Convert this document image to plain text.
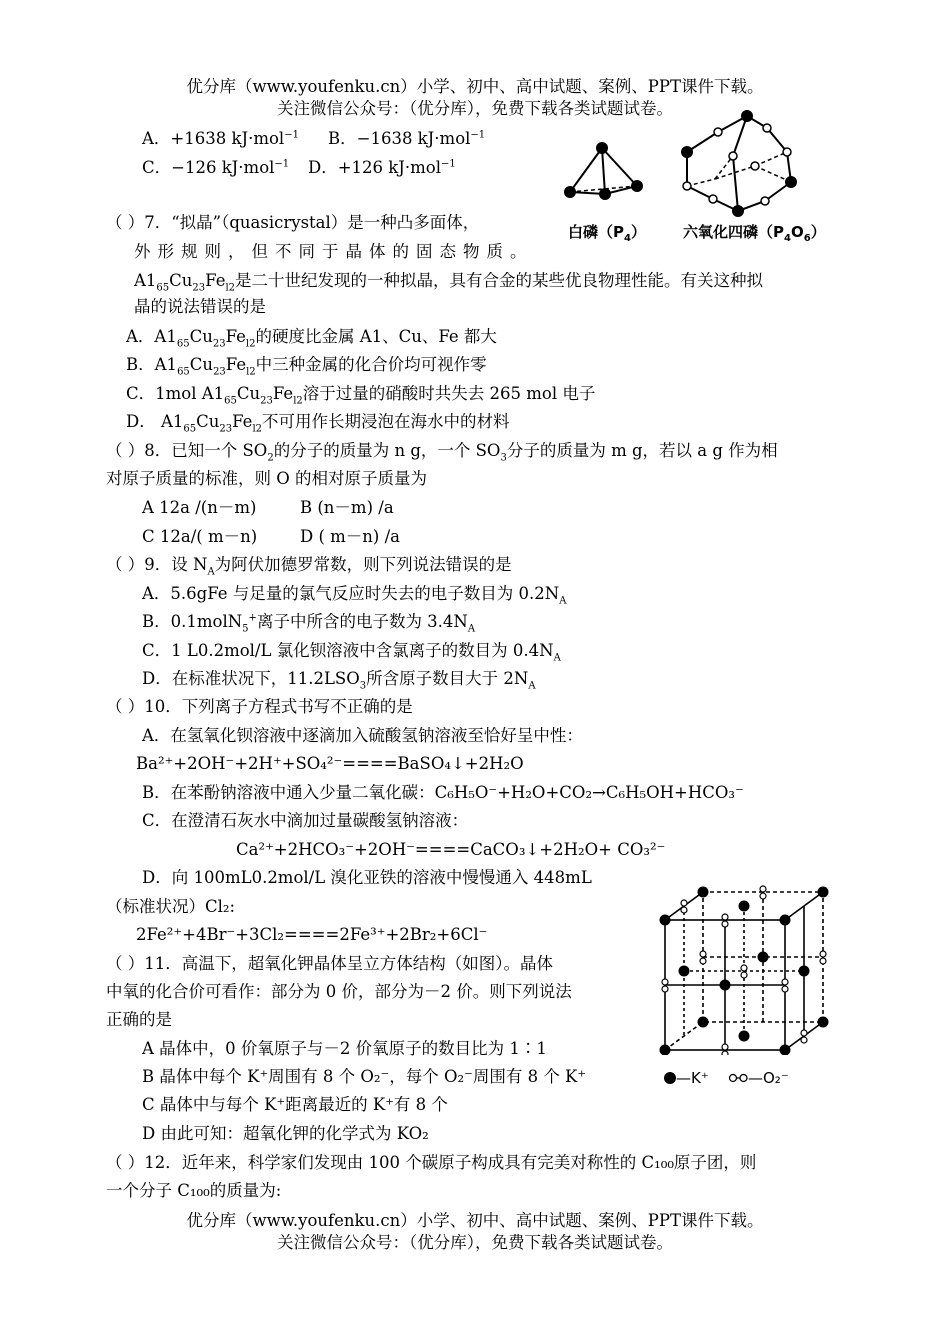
优分库（www.youfenku.cn）小学、初中、高中试题、案例、PPT课件下载。
关注微信公众号：（优分库），免费下载各类试题试卷。
A．+1638 kJ·mol$^{-1}$ B．−1638 kJ·mol$^{-1}$
C．−126 kJ·mol$^{-1}$ D．+126 kJ·mol$^{-1}$
白磷$(P_4)$ 六氧化四磷$(P_4O_6)$
（ ）7．“拟晶”（quasicrystal）是一种凸多面体，
外形规则，但不同于晶体的固态物质。
$A1_{65}Cu_{23}Fe_{l2}$是二十世纪发现的一种拟晶，具有合金的某些优良物理性能。有关这种拟
晶的说法错误的是
A．$A1_{65}Cu_{23}Fe_{l2}$的硬度比金属 A1、Cu、Fe 都大
B．$A1_{65}Cu_{23}Fe_{l2}$中三种金属的化合价均可视作零
C．1mol $A1_{65}Cu_{23}Fe_{l2}$溶于过量的硝酸时共失去 265 mol 电子
D． $A1_{65}Cu_{23}Fe_{l2}$不可用作长期浸泡在海水中的材料
（ ）8．已知一个 $SO_2$的分子的质量为 n g，一个 $SO_3$分子的质量为 m g，若以 a g 作为相
对原子质量的标准，则 O 的相对原子质量为
A 12a /(n－m)	B (n－m) /a
C 12a/( m－n)	D ( m－n) /a
（ ）9．设 $N_A$为阿伏加德罗常数，则下列说法错误的是
A．5.6gFe 与足量的氯气反应时失去的电子数目为 $0.2N_A$
B．0.1molN$_5$+离子中所含的电子数为 $3.4N_A$
C．1 L0.2mol/L 氯化钡溶液中含氯离子的数目为 $0.4N_A$
D．在标准状况下，$11.2LSO_3$所含原子数目大于 $2N_A$
（ ）10．下列离子方程式书写不正确的是
A．在氢氧化钡溶液中逐滴加入硫酸氢钠溶液至恰好呈中性：
Ba²⁺+2OH⁻+2H⁺+SO₄²⁻====BaSO₄↓+2H₂O
B．在苯酚钠溶液中通入少量二氧化碳：C₆H₅O⁻+H₂O+CO₂→C₆H₅OH+HCO₃⁻
C．在澄清石灰水中滴加过量碳酸氢钠溶液：
Ca²⁺+2HCO₃⁻+2OH⁻====CaCO₃↓+2H₂O+ CO₃²⁻
D．向 100mL0.2mol/L 溴化亚铁的溶液中慢慢通入 448mL
（标准状况）Cl₂:
2Fe²⁺+4Br⁻+3Cl₂====2Fe³⁺+2Br₂+6Cl⁻
（ ）11．高温下，超氧化钾晶体呈立方体结构（如图）。晶体
中氧的化合价可看作：部分为 0 价，部分为－2 价。则下列说法
正确的是
A 晶体中，0 价氧原子与－2 价氧原子的数目比为 1∶1
B 晶体中每个 K⁺周围有 8 个 O₂⁻，每个 O₂⁻周围有 8 个 K⁺
C 晶体中与每个 K⁺距离最近的 K⁺有 8 个
D 由此可知：超氧化钾的化学式为 KO₂
—K⁺	—O₂⁻
（ ）12．近年来，科学家们发现由 100 个碳原子构成具有完美对称性的 C₁₀₀原子团，则
一个分子 C₁₀₀的质量为:
优分库（www.youfenku.cn）小学、初中、高中试题、案例、PPT课件下载。
关注微信公众号：（优分库），免费下载各类试题试卷。
